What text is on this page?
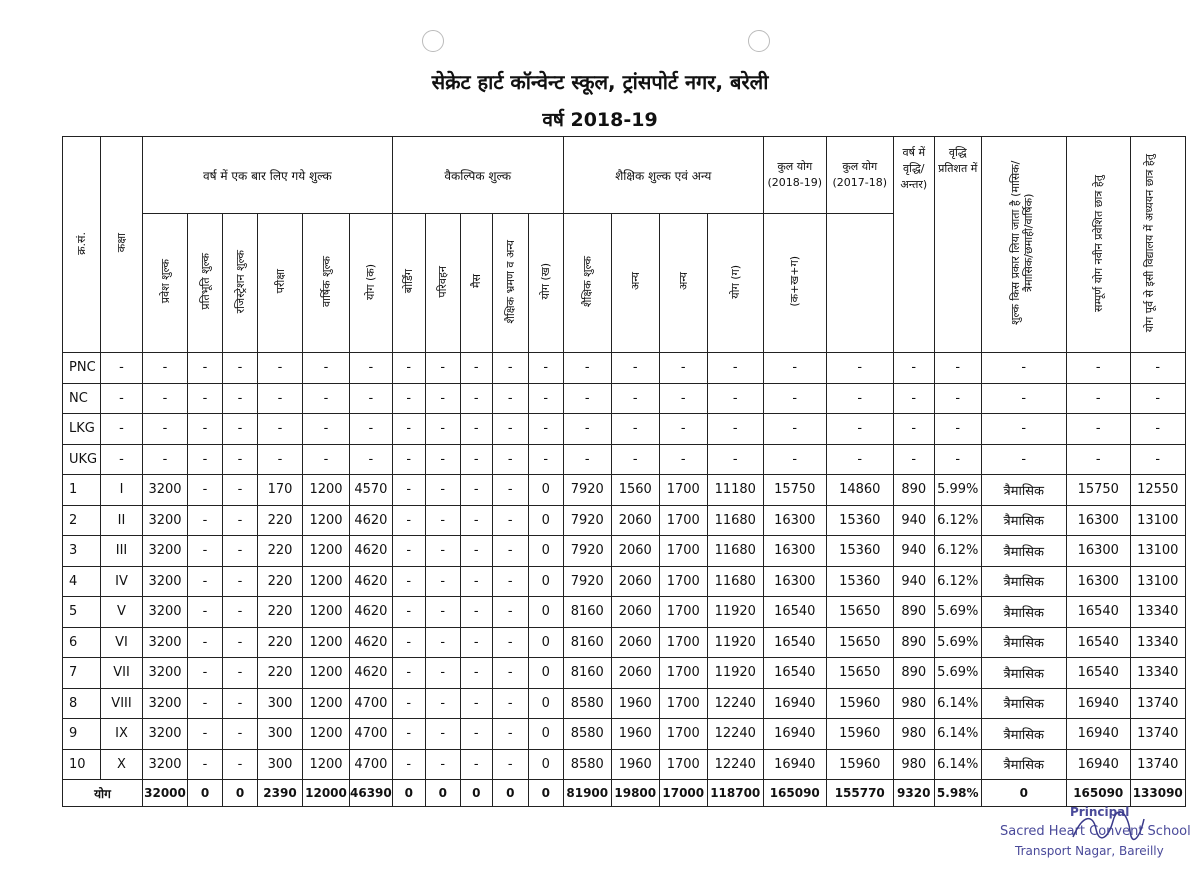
सेक्रेट हार्ट कॉन्वेन्ट स्कूल, ट्रांसपोर्ट नगर, बरेली
वर्ष 2018-19
क्र.सं.	कक्षा	वर्ष में एक बार लिए गये शुल्क						वैकल्पिक शुल्क					शैक्षिक शुल्क एवं अन्य				कुल योग (2018-19)	कुल योग (2017-18)	वर्ष में वृद्धि/अन्तर)	वृद्धि प्रतिशत में	शुल्क किस प्रकार लिया जाता है (मासिक/त्रैमासिक/छमाही/वार्षिक)	सम्पूर्ण योग नवीन प्रवेशित छात्र हेतु	योग पूर्व से इसी विद्यालय में अध्ययन छात्र हेतु
		प्रवेश शुल्क	प्रतिभूति शुल्क	रजिस्ट्रेशन शुल्क	परीक्षा	वार्षिक शुल्क	योग (क)	बोर्डिंग	परिवहन	मैस	शैक्षिक भ्रमण व अन्य	योग (ख)	शैक्षिक शुल्क	अन्य	अन्य	योग (ग)	(क+ख+ग)						
PNC	-	-	-	-	-	-	-	-	-	-	-	-	-	-	-	-	-	-	-	-	-	-	-
NC	-	-	-	-	-	-	-	-	-	-	-	-	-	-	-	-	-	-	-	-	-	-	-
LKG	-	-	-	-	-	-	-	-	-	-	-	-	-	-	-	-	-	-	-	-	-	-	-
UKG	-	-	-	-	-	-	-	-	-	-	-	-	-	-	-	-	-	-	-	-	-	-	-
1	I	3200	-	-	170	1200	4570	-	-	-	-	0	7920	1560	1700	11180	15750	14860	890	5.99%	त्रैमासिक	15750	12550
2	II	3200	-	-	220	1200	4620	-	-	-	-	0	7920	2060	1700	11680	16300	15360	940	6.12%	त्रैमासिक	16300	13100
3	III	3200	-	-	220	1200	4620	-	-	-	-	0	7920	2060	1700	11680	16300	15360	940	6.12%	त्रैमासिक	16300	13100
4	IV	3200	-	-	220	1200	4620	-	-	-	-	0	7920	2060	1700	11680	16300	15360	940	6.12%	त्रैमासिक	16300	13100
5	V	3200	-	-	220	1200	4620	-	-	-	-	0	8160	2060	1700	11920	16540	15650	890	5.69%	त्रैमासिक	16540	13340
6	VI	3200	-	-	220	1200	4620	-	-	-	-	0	8160	2060	1700	11920	16540	15650	890	5.69%	त्रैमासिक	16540	13340
7	VII	3200	-	-	220	1200	4620	-	-	-	-	0	8160	2060	1700	11920	16540	15650	890	5.69%	त्रैमासिक	16540	13340
8	VIII	3200	-	-	300	1200	4700	-	-	-	-	0	8580	1960	1700	12240	16940	15960	980	6.14%	त्रैमासिक	16940	13740
9	IX	3200	-	-	300	1200	4700	-	-	-	-	0	8580	1960	1700	12240	16940	15960	980	6.14%	त्रैमासिक	16940	13740
10	X	3200	-	-	300	1200	4700	-	-	-	-	0	8580	1960	1700	12240	16940	15960	980	6.14%	त्रैमासिक	16940	13740
योग		32000	0	0	2390	12000	46390	0	0	0	0	0	81900	19800	17000	118700	165090	155770	9320	5.98%	0	165090	133090
Principal
Sacred Heart Convent School
Transport Nagar, Bareilly
